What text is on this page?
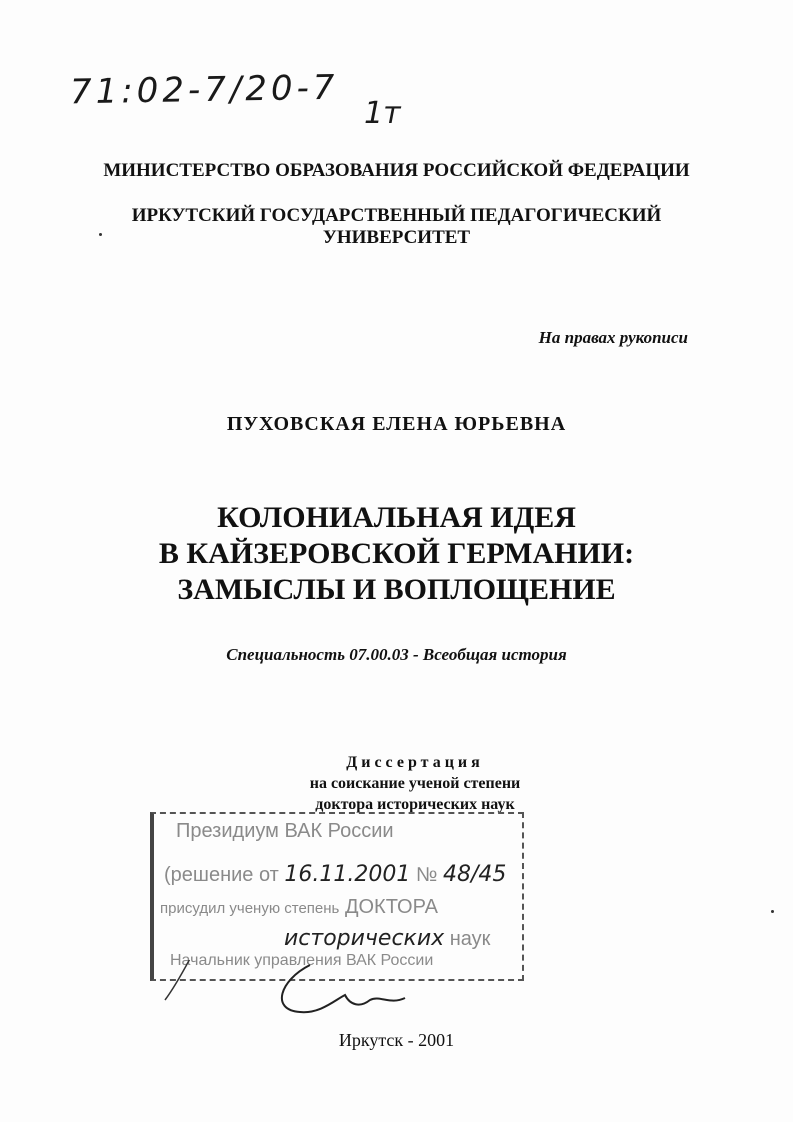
71:02-7/20-7
1т
МИНИСТЕРСТВО ОБРАЗОВАНИЯ РОССИЙСКОЙ ФЕДЕРАЦИИ
ИРКУТСКИЙ ГОСУДАРСТВЕННЫЙ ПЕДАГОГИЧЕСКИЙ
УНИВЕРСИТЕТ
На правах рукописи
ПУХОВСКАЯ ЕЛЕНА ЮРЬЕВНА
КОЛОНИАЛЬНАЯ ИДЕЯ
В КАЙЗЕРОВСКОЙ ГЕРМАНИИ:
ЗАМЫСЛЫ И ВОПЛОЩЕНИЕ
Специальность 07.00.03 - Всеобщая история
Диссертация
на соискание ученой степени
доктора исторических наук
Президиум ВАК России
(решение от 16.11.2001 № 48/45
присудил ученую степень ДОКТОРА
исторических наук
Начальник управления ВАК России
Иркутск - 2001
